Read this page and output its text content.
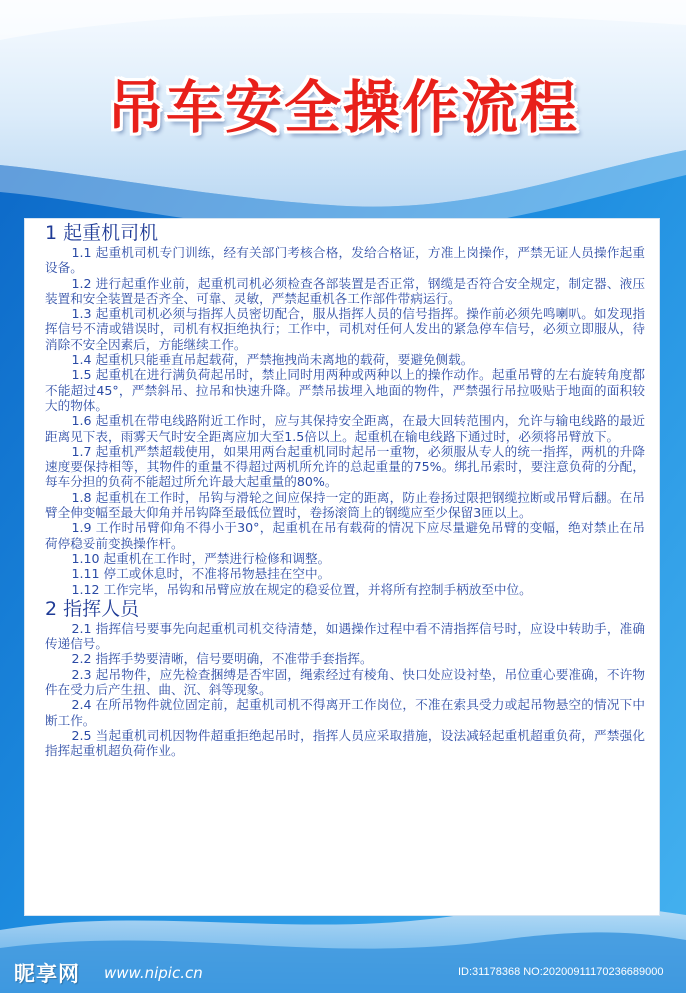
吊车安全操作流程
1 起重机司机

1.1 起重机司机专门训练，经有关部门考核合格，发给合格证，方准上岗操作，严禁无证人员操作起重设备。

1.2 进行起重作业前，起重机司机必须检查各部装置是否正常，钢缆是否符合安全规定，制定器、液压装置和安全装置是否齐全、可靠、灵敏，严禁起重机各工作部件带病运行。

1.3 起重机司机必须与指挥人员密切配合，服从指挥人员的信号指挥。操作前必须先鸣喇叭。如发现指挥信号不清或错误时，司机有权拒绝执行；工作中，司机对任何人发出的紧急停车信号，必须立即服从，待消除不安全因素后，方能继续工作。

1.4 起重机只能垂直吊起载荷，严禁拖拽尚未离地的载荷，要避免侧载。

1.5 起重机在进行满负荷起吊时，禁止同时用两种或两种以上的操作动作。起重吊臂的左右旋转角度都不能超过45°，严禁斜吊、拉吊和快速升降。严禁吊拔埋入地面的物件，严禁强行吊拉吸贴于地面的面积较大的物体。

1.6 起重机在带电线路附近工作时，应与其保持安全距离，在最大回转范围内，允许与输电线路的最近距离见下表，雨雾天气时安全距离应加大至1.5倍以上。起重机在输电线路下通过时，必须将吊臂放下。

1.7 起重机严禁超载使用，如果用两台起重机同时起吊一重物，必须服从专人的统一指挥，两机的升降速度要保持相等，其物件的重量不得超过两机所允许的总起重量的75%。绑扎吊索时，要注意负荷的分配，每车分担的负荷不能超过所允许最大起重量的80%。

1.8 起重机在工作时，吊钩与滑轮之间应保持一定的距离，防止卷扬过限把钢缆拉断或吊臂后翻。在吊臂全伸变幅至最大仰角并吊钩降至最低位置时，卷扬滚筒上的钢缆应至少保留3匝以上。

1.9 工作时吊臂仰角不得小于30°，起重机在吊有载荷的情况下应尽量避免吊臂的变幅，绝对禁止在吊荷停稳妥前变换操作杆。

1.10 起重机在工作时，严禁进行检修和调整。

1.11 停工或休息时，不准将吊物悬挂在空中。

1.12 工作完毕，吊钩和吊臂应放在规定的稳妥位置，并将所有控制手柄放至中位。

2 指挥人员

2.1 指挥信号要事先向起重机司机交待清楚，如遇操作过程中看不清指挥信号时，应设中转助手，准确传递信号。

2.2 指挥手势要清晰，信号要明确，不准带手套指挥。

2.3 起吊物件，应先检查捆缚是否牢固，绳索经过有棱角、快口处应设衬垫，吊位重心要准确，不许物件在受力后产生扭、曲、沉、斜等现象。

2.4 在所吊物件就位固定前，起重机司机不得离开工作岗位，不准在索具受力或起吊物悬空的情况下中断工作。

2.5 当起重机司机因物件超重拒绝起吊时，指挥人员应采取措施，设法减轻起重机超重负荷，严禁强化指挥起重机超负荷作业。

昵享网 www.nipic.cn	ID:31178368 NO:20200911170236689000
